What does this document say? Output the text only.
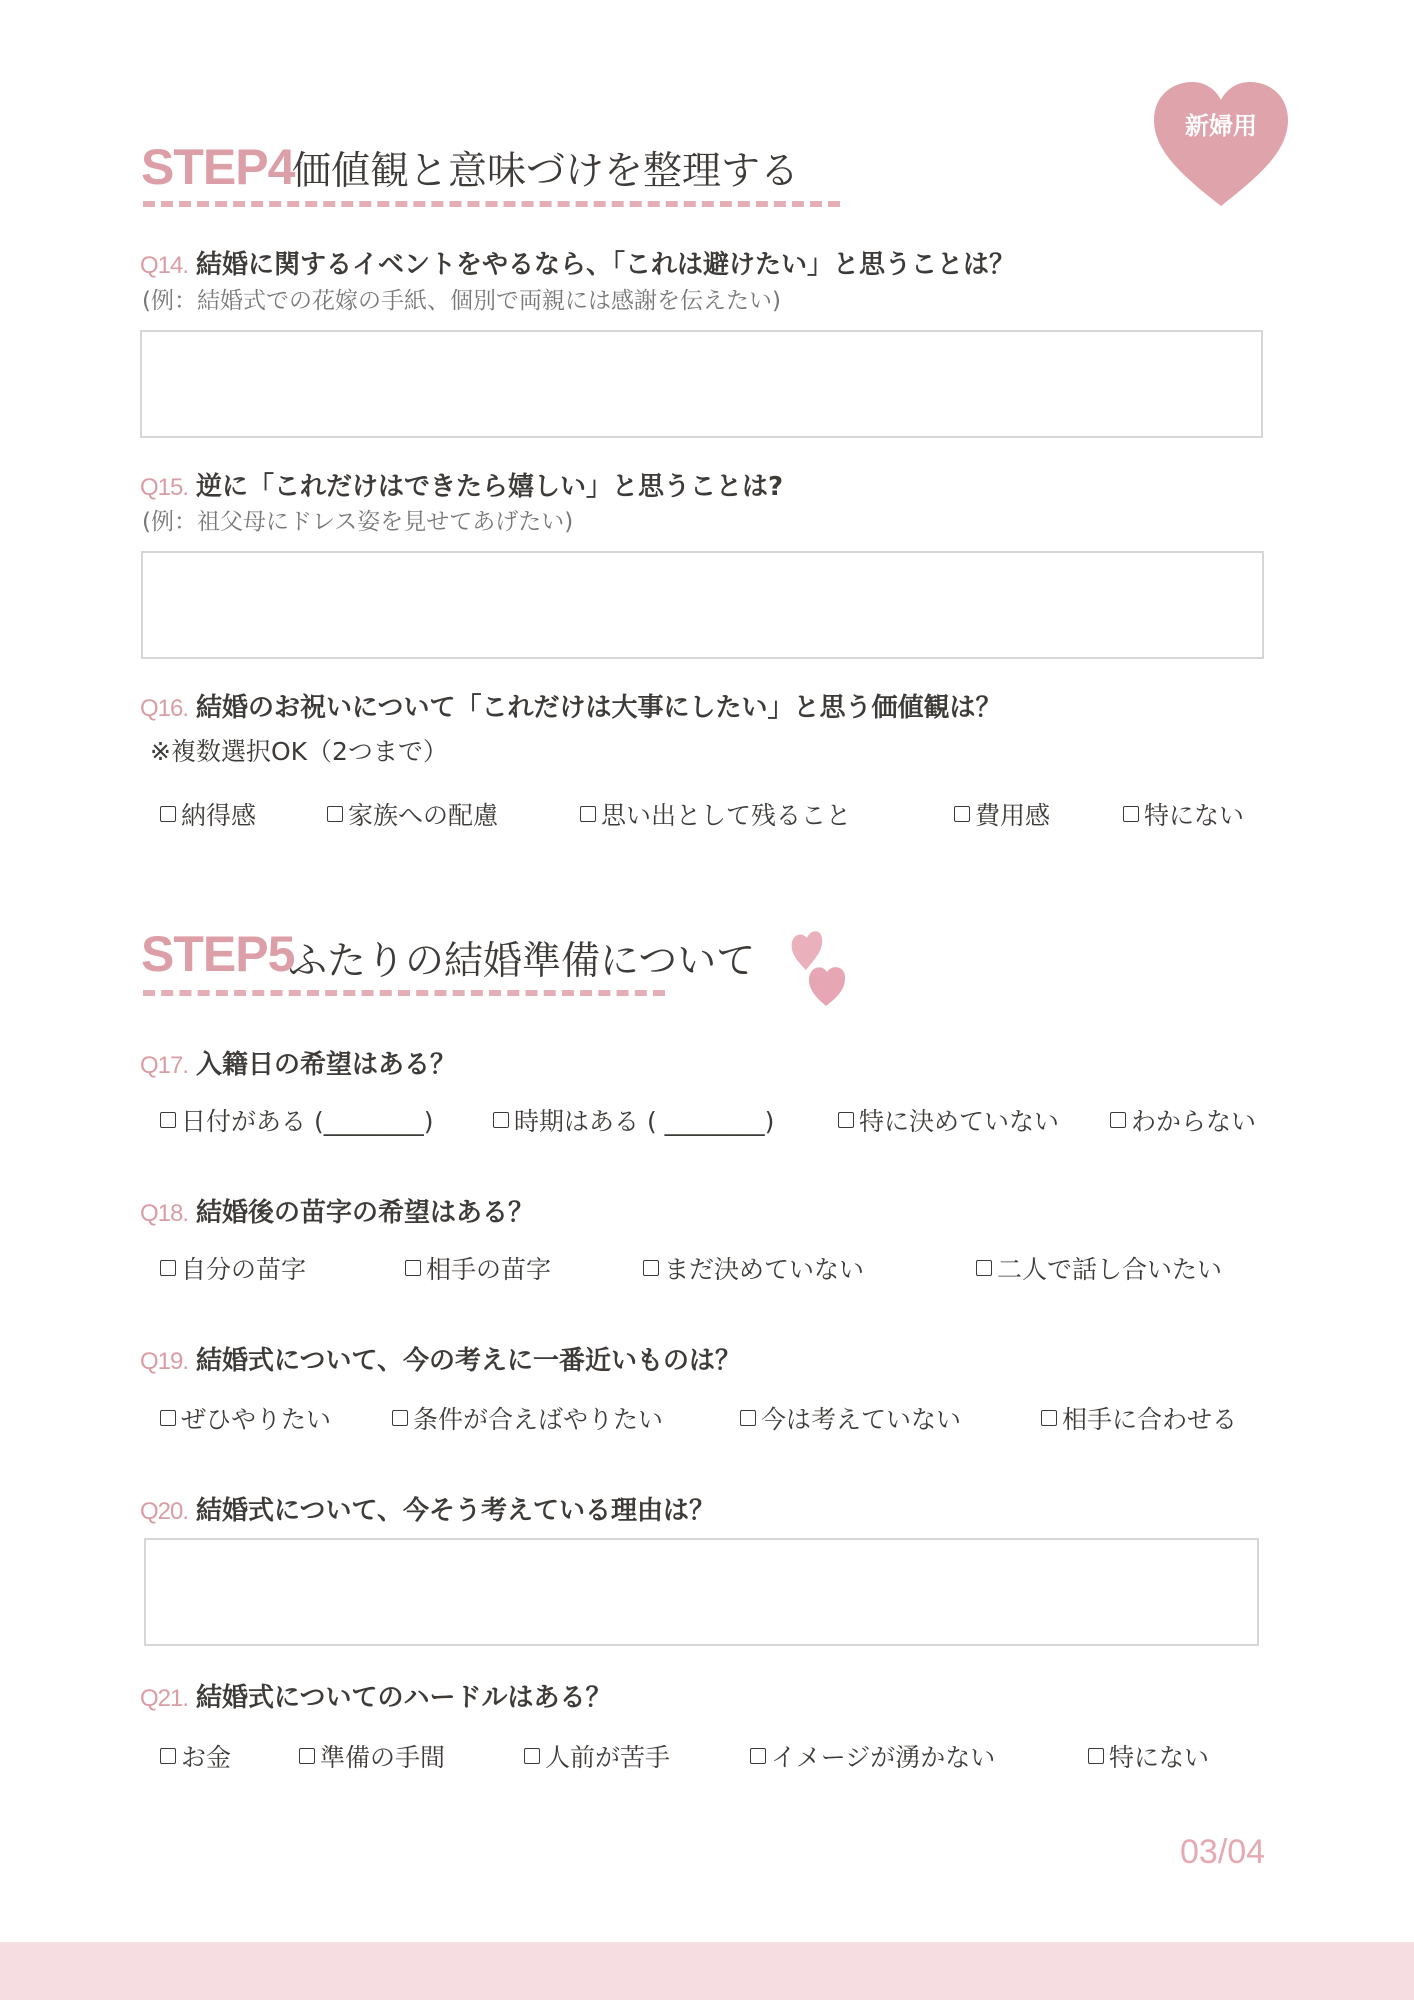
新婦用
STEP4
価値観と意味づけを整理する
Q14. 結婚に関するイベントをやるなら、「これは避けたい」と思うことは？
(例：結婚式での花嫁の手紙、個別で両親には感謝を伝えたい)
Q15. 逆に「これだけはできたら嬉しい」と思うことは?
(例：祖父母にドレス姿を見せてあげたい)
Q16. 結婚のお祝いについて「これだけは大事にしたい」と思う価値観は？
※複数選択OK（2つまで）
納得感	家族への配慮	思い出として残ること	費用感	特にない
STEP5
ふたりの結婚準備について
Q17. 入籍日の希望はある？
日付がある (________)	時期はある ( ________)	特に決めていない	わからない
Q18. 結婚後の苗字の希望はある？
自分の苗字	相手の苗字	まだ決めていない	二人で話し合いたい
Q19. 結婚式について、今の考えに一番近いものは？
ぜひやりたい	条件が合えばやりたい	今は考えていない	相手に合わせる
Q20. 結婚式について、今そう考えている理由は？
Q21. 結婚式についてのハードルはある？
お金	準備の手間	人前が苦手	イメージが湧かない	特にない
03/04
